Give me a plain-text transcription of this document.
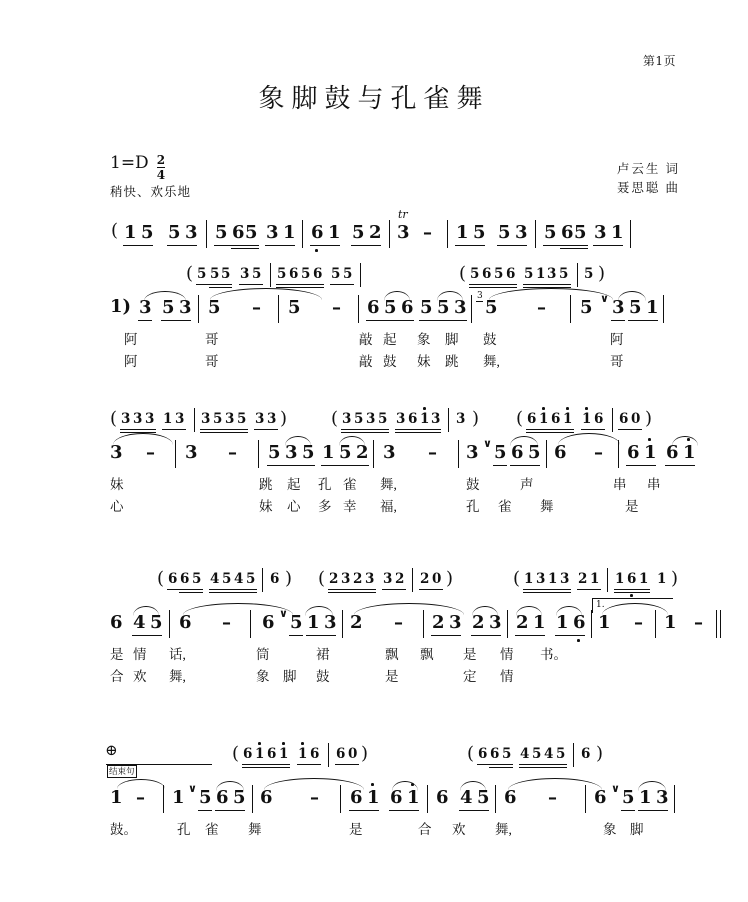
第1页
象脚鼓与孔雀舞
$1=D \frac{2}{4}$
稍快、欢乐地
卢云生 词
聂思聪 曲
( 1 5 5 3 5 6 5 3 1 6 1 5 2
tr
3 – 1 5 5 3 5 6 5 3 1
( 5 5 5 3 5 5 6 5 6 5 5	( 5 6 5 6 5 1 3 5 5 )
1) 3 5 3 5 – 5 – 6 5 6 5 5 3
3
5 – 5 ∨ 3 5 1
阿	哥	敲 起 象 脚 鼓	阿
阿	哥	敲 鼓 妹 跳 舞,	哥
( 3 3 3 1 3 3 5 3 5 3 3 ) ( 3 5 3 5 3 6 1 3 3 ) ( 6 1 6 1 1 6 6 0 )
3 – 3 – 5 3 5 1 5 2 3 – 3 ∨ 5 6 5 6 – 6 1 6 1
妹	跳 起 孔 雀 舞,	鼓	声	串 串
心	妹 心 多 幸 福,	孔 雀 舞	是
( 6 6 5 4 5 4 5 6 ) ( 2 3 2 3 3 2 2 0 )	( 1 3 1 3 2 1 1 6 1 1 )
6 4 5 6 – 6 ∨ 5 1 3 2 – 2 3 2 3 2 1 1 6
1.
1 – 1 –
是 情 话,	筒	裙	飘 飘 是 情 书。
合 欢 舞,	象 脚 鼓	是	定 情
⊕
结束句
( 6 1 6 1 1 6 6 0 )	( 6 6 5 4 5 4 5 6 )
1 – 1 ∨ 5 6 5 6 – 6 1 6 1 6 4 5 6 – 6 ∨ 5 1 3
鼓。	孔 雀 舞	是	合 欢 舞,	象 脚
